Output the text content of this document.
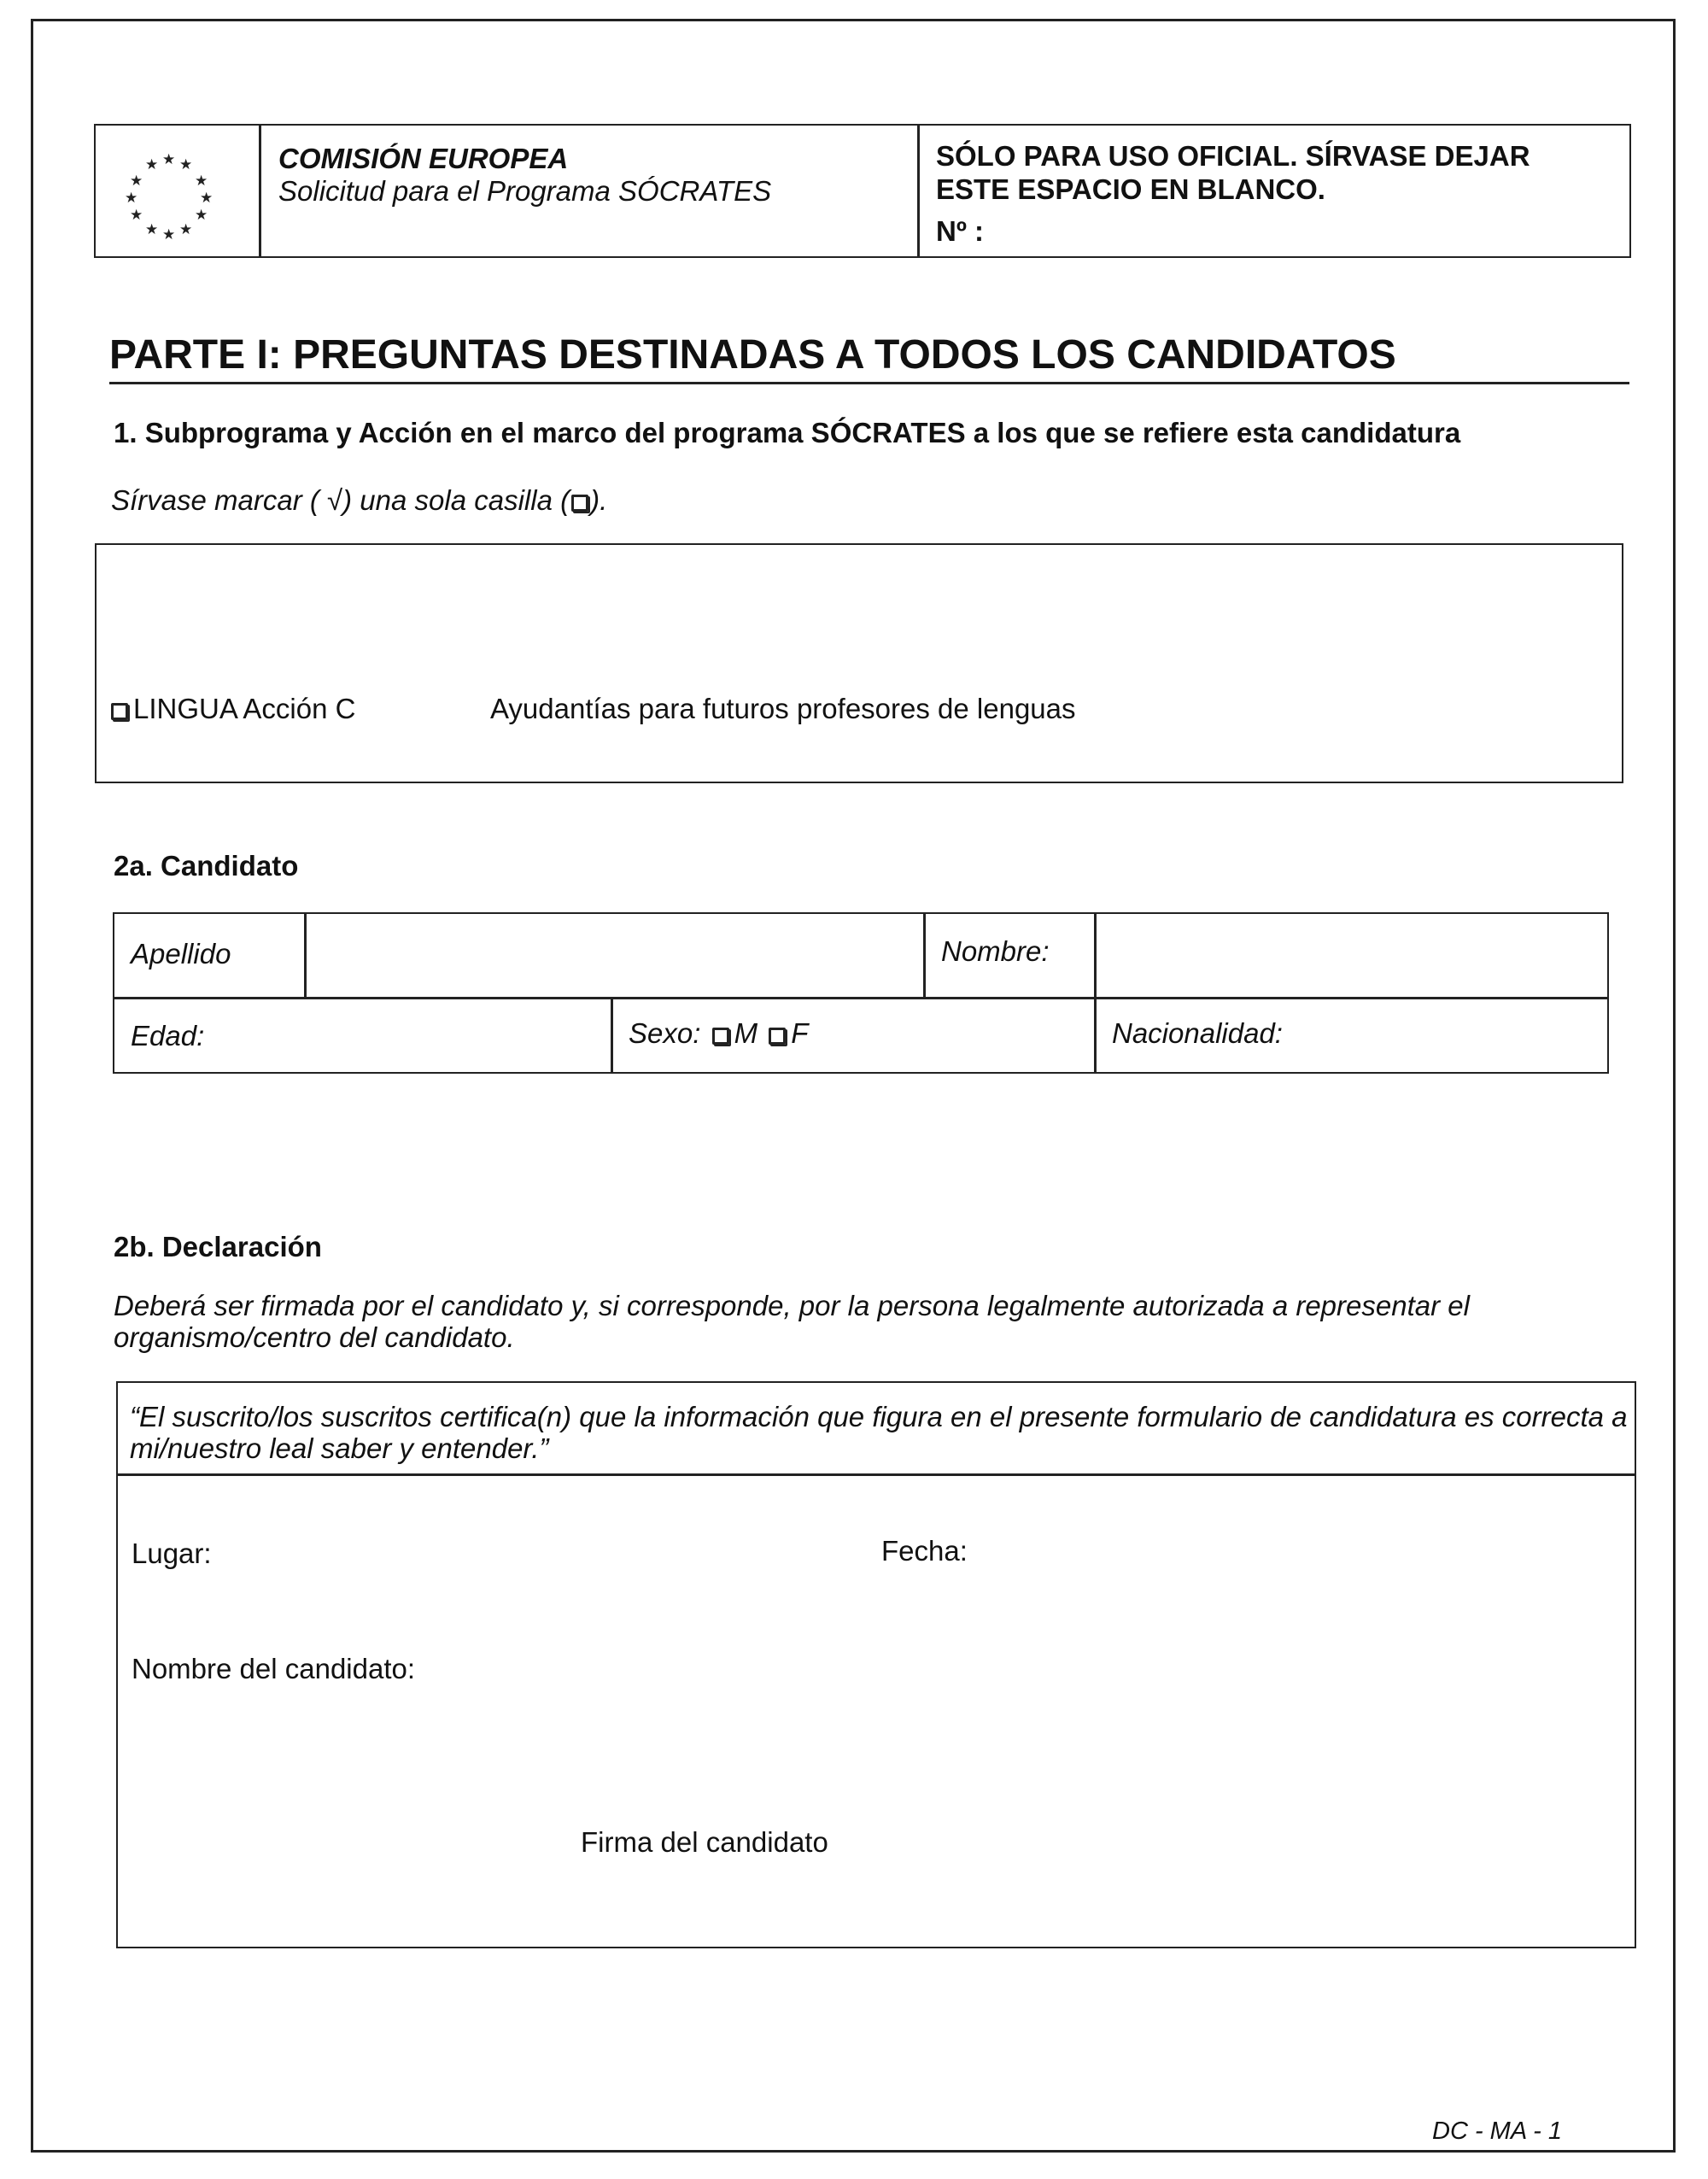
★ ★
★
★
★
★
★
★
★
★
★ ★
COMISIÓN EUROPEA
Solicitud para el Programa SÓCRATES
SÓLO PARA USO OFICIAL. SÍRVASE DEJAR
ESTE ESPACIO EN BLANCO.
Nº :
PARTE I: PREGUNTAS DESTINADAS A TODOS LOS CANDIDATOS
1. Subprograma y Acción en el marco del programa SÓCRATES a los que se refiere esta candidatura
Sírvase marcar ( √) una sola casilla ( ).
LINGUA Acción C	Ayudantías para futuros profesores de lenguas
2a. Candidato
Apellido	Nombre:
Edad:	Sexo: M F	Nacionalidad:
2b. Declaración
Deberá ser firmada por el candidato y, si corresponde, por la persona legalmente autorizada a representar el
organismo/centro del candidato.
“El suscrito/los suscritos certifica(n) que la información que figura en el presente formulario de candidatura es correcta a
mi/nuestro leal saber y entender.”
Lugar:	Fecha:
Nombre del candidato:
Firma del candidato
DC - MA - 1
